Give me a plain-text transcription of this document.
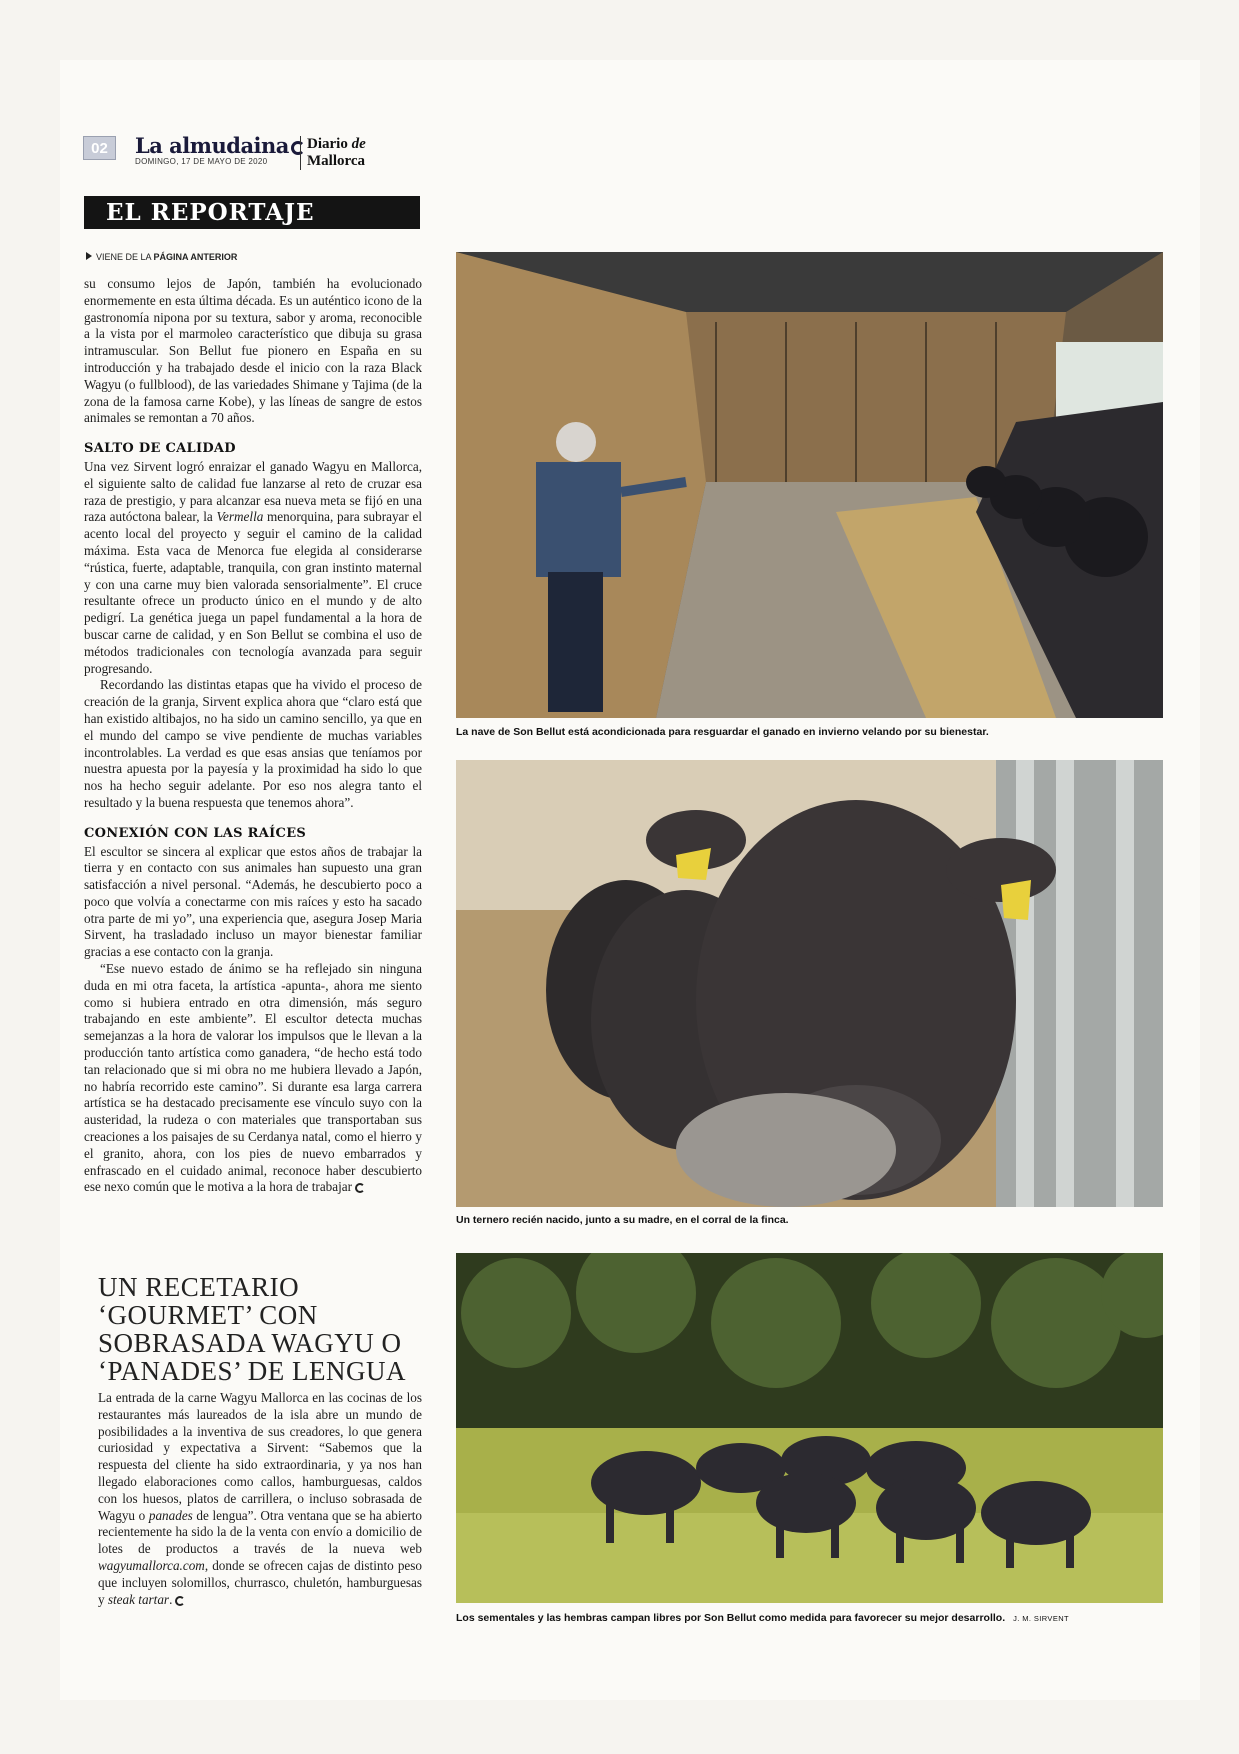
02	La almudaina	Diario de Mallorca
DOMINGO, 17 DE MAYO DE 2020
EL REPORTAJE
VIENE DE LA PÁGINA ANTERIOR

su consumo lejos de Japón, también ha evolucionado enormemente en esta última década. Es un auténtico icono de la gastronomía nipona por su textura, sabor y aroma, reconocible a la vista por el marmoleo característico que dibuja su grasa intramuscular. Son Bellut fue pionero en España en su introducción y ha trabajado desde el inicio con la raza Black Wagyu (o fullblood), de las variedades Shimane y Tajima (de la zona de la famosa carne Kobe), y las líneas de sangre de estos animales se remontan a 70 años.

SALTO DE CALIDAD

Una vez Sirvent logró enraizar el ganado Wagyu en Mallorca, el siguiente salto de calidad fue lanzarse al reto de cruzar esa raza de prestigio, y para alcanzar esa nueva meta se fijó en una raza autóctona balear, la Vermella menorquina, para subrayar el acento local del proyecto y seguir el camino de la calidad máxima. Esta vaca de Menorca fue elegida al considerarse “rústica, fuerte, adaptable, tranquila, con gran instinto maternal y con una carne muy bien valorada sensorialmente”. El cruce resultante ofrece un producto único en el mundo y de alto pedigrí. La genética juega un papel fundamental a la hora de buscar carne de calidad, y en Son Bellut se combina el uso de métodos tradicionales con tecnología avanzada para seguir progresando.

Recordando las distintas etapas que ha vivido el proceso de creación de la granja, Sirvent explica ahora que “claro está que han existido altibajos, no ha sido un camino sencillo, ya que en el mundo del campo se vive pendiente de muchas variables incontrolables. La verdad es que esas ansias que teníamos por nuestra apuesta por la payesía y la proximidad ha sido lo que nos ha hecho seguir adelante. Por eso nos alegra tanto el resultado y la buena respuesta que tenemos ahora”.

CONEXIÓN CON LAS RAÍCES

El escultor se sincera al explicar que estos años de trabajar la tierra y en contacto con sus animales han supuesto una gran satisfacción a nivel personal. “Además, he descubierto poco a poco que volvía a conectarme con mis raíces y esto ha sacado otra parte de mi yo”, una experiencia que, asegura Josep Maria Sirvent, ha trasladado incluso un mayor bienestar familiar gracias a ese contacto con la granja.

“Ese nuevo estado de ánimo se ha reflejado sin ninguna duda en mi otra faceta, la artística -apunta-, ahora me siento como si hubiera entrado en otra dimensión, más seguro trabajando en este ambiente”. El escultor detecta muchas semejanzas a la hora de valorar los impulsos que le llevan a la producción tanto artística como ganadera, “de hecho está todo tan relacionado que si mi obra no me hubiera llevado a Japón, no habría recorrido este camino”. Si durante esa larga carrera artística se ha destacado precisamente ese vínculo suyo con la austeridad, la rudeza o con materiales que transportaban sus creaciones a los paisajes de su Cerdanya natal, como el hierro y el granito, ahora, con los pies de nuevo embarrados y enfrascado en el cuidado animal, reconoce haber descubierto ese nexo común que le motiva a la hora de trabajar

UN RECETARIO ‘GOURMET’ CON SOBRASADA WAGYU O ‘PANADES’ DE LENGUA

La entrada de la carne Wagyu Mallorca en las cocinas de los restaurantes más laureados de la isla abre un mundo de posibilidades a la inventiva de sus creadores, lo que genera curiosidad y expectativa a Sirvent: “Sabemos que la respuesta del cliente ha sido extraordinaria, y ya nos han llegado elaboraciones como callos, hamburguesas, caldos con los huesos, platos de carrillera, o incluso sobrasada de Wagyu o panades de lengua”. Otra ventana que se ha abierto recientemente ha sido la de la venta con envío a domicilio de lotes de productos a través de la nueva web wagyumallorca.com, donde se ofrecen cajas de distinto peso que incluyen solomillos, churrasco, chuletón, hamburguesas y steak tartar.

La nave de Son Bellut está acondicionada para resguardar el ganado en invierno velando por su bienestar.
Un ternero recién nacido, junto a su madre, en el corral de la finca.
Los sementales y las hembras campan libres por Son Bellut como medida para favorecer su mejor desarrollo. J. M. SIRVENT
